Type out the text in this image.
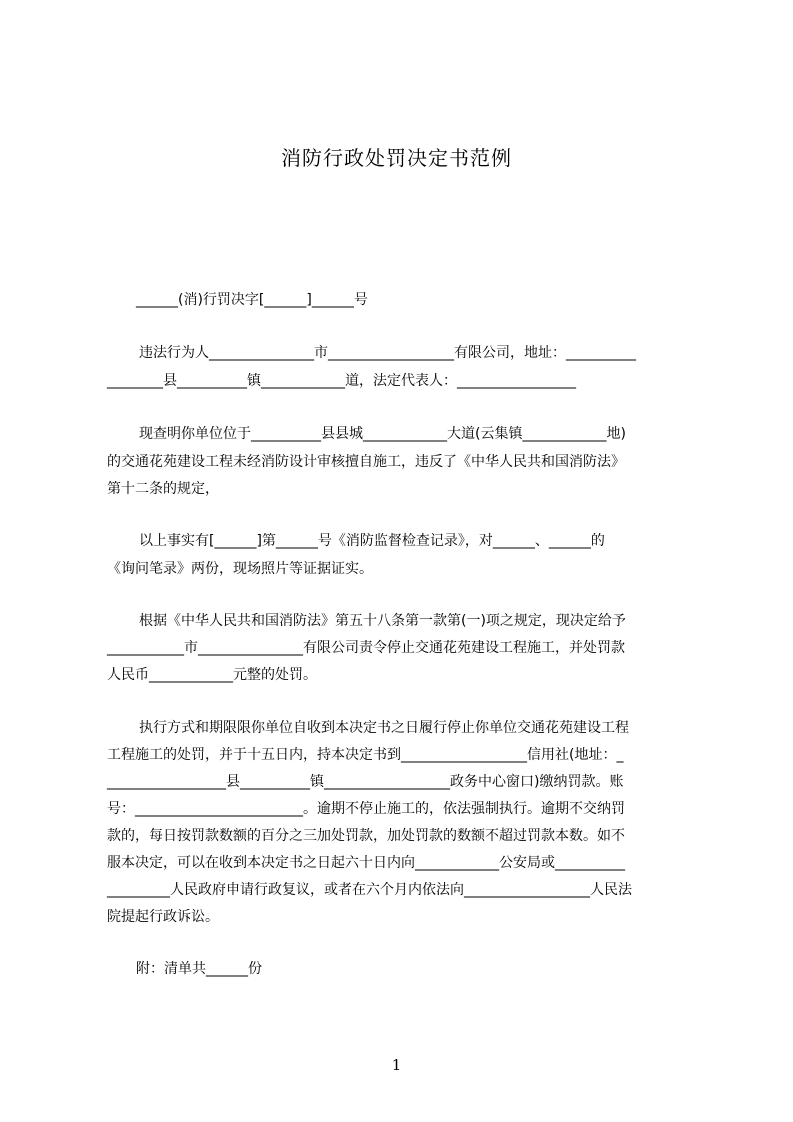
消防行政处罚决定书范例
______(消)行罚决字[______]______号
违法行为人_______________市__________________有限公司，地址：__________
________县__________镇____________道，法定代表人：_________________
现查明你单位位于__________县县城____________大道(云集镇____________地)
的交通花苑建设工程未经消防设计审核擅自施工，违反了《中华人民共和国消防法》
第十二条的规定，
以上事实有[______]第______号《消防监督检查记录》，对______、______的
《询问笔录》两份，现场照片等证据证实。
根据《中华人民共和国消防法》第五十八条第一款第(一)项之规定，现决定给予
___________市_______________有限公司责令停止交通花苑建设工程施工，并处罚款
人民币____________元整的处罚。
执行方式和期限限你单位自收到本决定书之日履行停止你单位交通花苑建设工程
工程施工的处罚，并于十五日内，持本决定书到__________________信用社(地址：_
_________________县__________镇__________________政务中心窗口)缴纳罚款。账
号：________________________。逾期不停止施工的，依法强制执行。逾期不交纳罚
款的，每日按罚款数额的百分之三加处罚款，加处罚款的数额不超过罚款本数。如不
服本决定，可以在收到本决定书之日起六十日内向____________公安局或__________
_________人民政府申请行政复议，或者在六个月内依法向__________________人民法
院提起行政诉讼。
附：清单共______份
1
